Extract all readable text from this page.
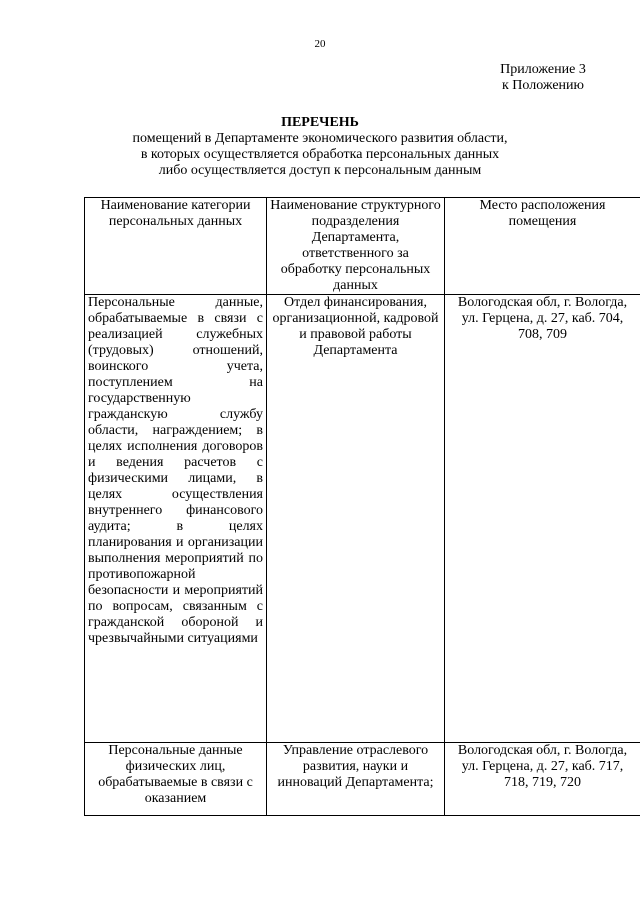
20
Приложение 3
к Положению
ПЕРЕЧЕНЬ
помещений в Департаменте экономического развития области,
в которых осуществляется обработка персональных данных
либо осуществляется доступ к персональным данным
Наименование категории персональных данных	Наименование структурного подразделения Департамента, ответственного за обработку персональных данных	Место расположения помещения
Персональные данные, обрабатываемые в связи с реализацией служебных (трудовых) отношений, воинского учета, поступлением на государственную гражданскую службу области, награждением; в целях исполнения договоров и ведения расчетов с физическими лицами, в целях осуществления внутреннего финансового аудита; в целях планирования и организации выполнения мероприятий по противопожарной безопасности и мероприятий по вопросам, связанным с гражданской обороной и чрезвычайными ситуациями	Отдел финансирования, организационной, кадровой и правовой работы Департамента	Вологодская обл, г. Вологда, ул. Герцена, д. 27, каб. 704, 708, 709
Персональные данные физических лиц, обрабатываемые в связи с оказанием	Управление отраслевого развития, науки и инноваций Департамента;	Вологодская обл, г. Вологда, ул. Герцена, д. 27, каб. 717, 718, 719, 720
